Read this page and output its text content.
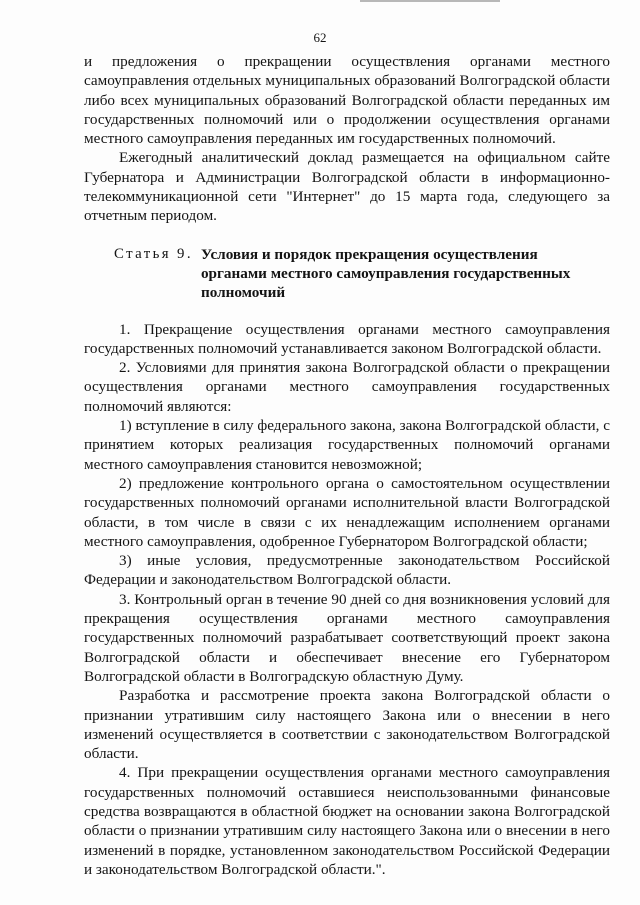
62

и предложения о прекращении осуществления органами местного самоуправления отдельных муниципальных образований Волгоградской области либо всех муниципальных образований Волгоградской области переданных им государственных полномочий или о продолжении осуществления органами местного самоуправления переданных им государственных полномочий.

Ежегодный аналитический доклад размещается на официальном сайте Губернатора и Администрации Волгоградской области в информационно-телекоммуникационной сети "Интернет" до 15 марта года, следующего за отчетным периодом.

Статья 9. Условия и порядок прекращения осуществления органами местного самоуправления государственных полномочий

1. Прекращение осуществления органами местного самоуправления государственных полномочий устанавливается законом Волгоградской области.

2. Условиями для принятия закона Волгоградской области о прекращении осуществления органами местного самоуправления государственных полномочий являются:

1) вступление в силу федерального закона, закона Волгоградской области, с принятием которых реализация государственных полномочий органами местного самоуправления становится невозможной;

2) предложение контрольного органа о самостоятельном осуществлении государственных полномочий органами исполнительной власти Волгоградской области, в том числе в связи с их ненадлежащим исполнением органами местного самоуправления, одобренное Губернатором Волгоградской области;

3) иные условия, предусмотренные законодательством Российской Федерации и законодательством Волгоградской области.

3. Контрольный орган в течение 90 дней со дня возникновения условий для прекращения осуществления органами местного самоуправления государственных полномочий разрабатывает соответствующий проект закона Волгоградской области и обеспечивает внесение его Губернатором Волгоградской области в Волгоградскую областную Думу.

Разработка и рассмотрение проекта закона Волгоградской области о признании утратившим силу настоящего Закона или о внесении в него изменений осуществляется в соответствии с законодательством Волгоградской области.

4. При прекращении осуществления органами местного самоуправления государственных полномочий оставшиеся неиспользованными финансовые средства возвращаются в областной бюджет на основании закона Волгоградской области о признании утратившим силу настоящего Закона или о внесении в него изменений в порядке, установленном законодательством Российской Федерации и законодательством Волгоградской области.".
